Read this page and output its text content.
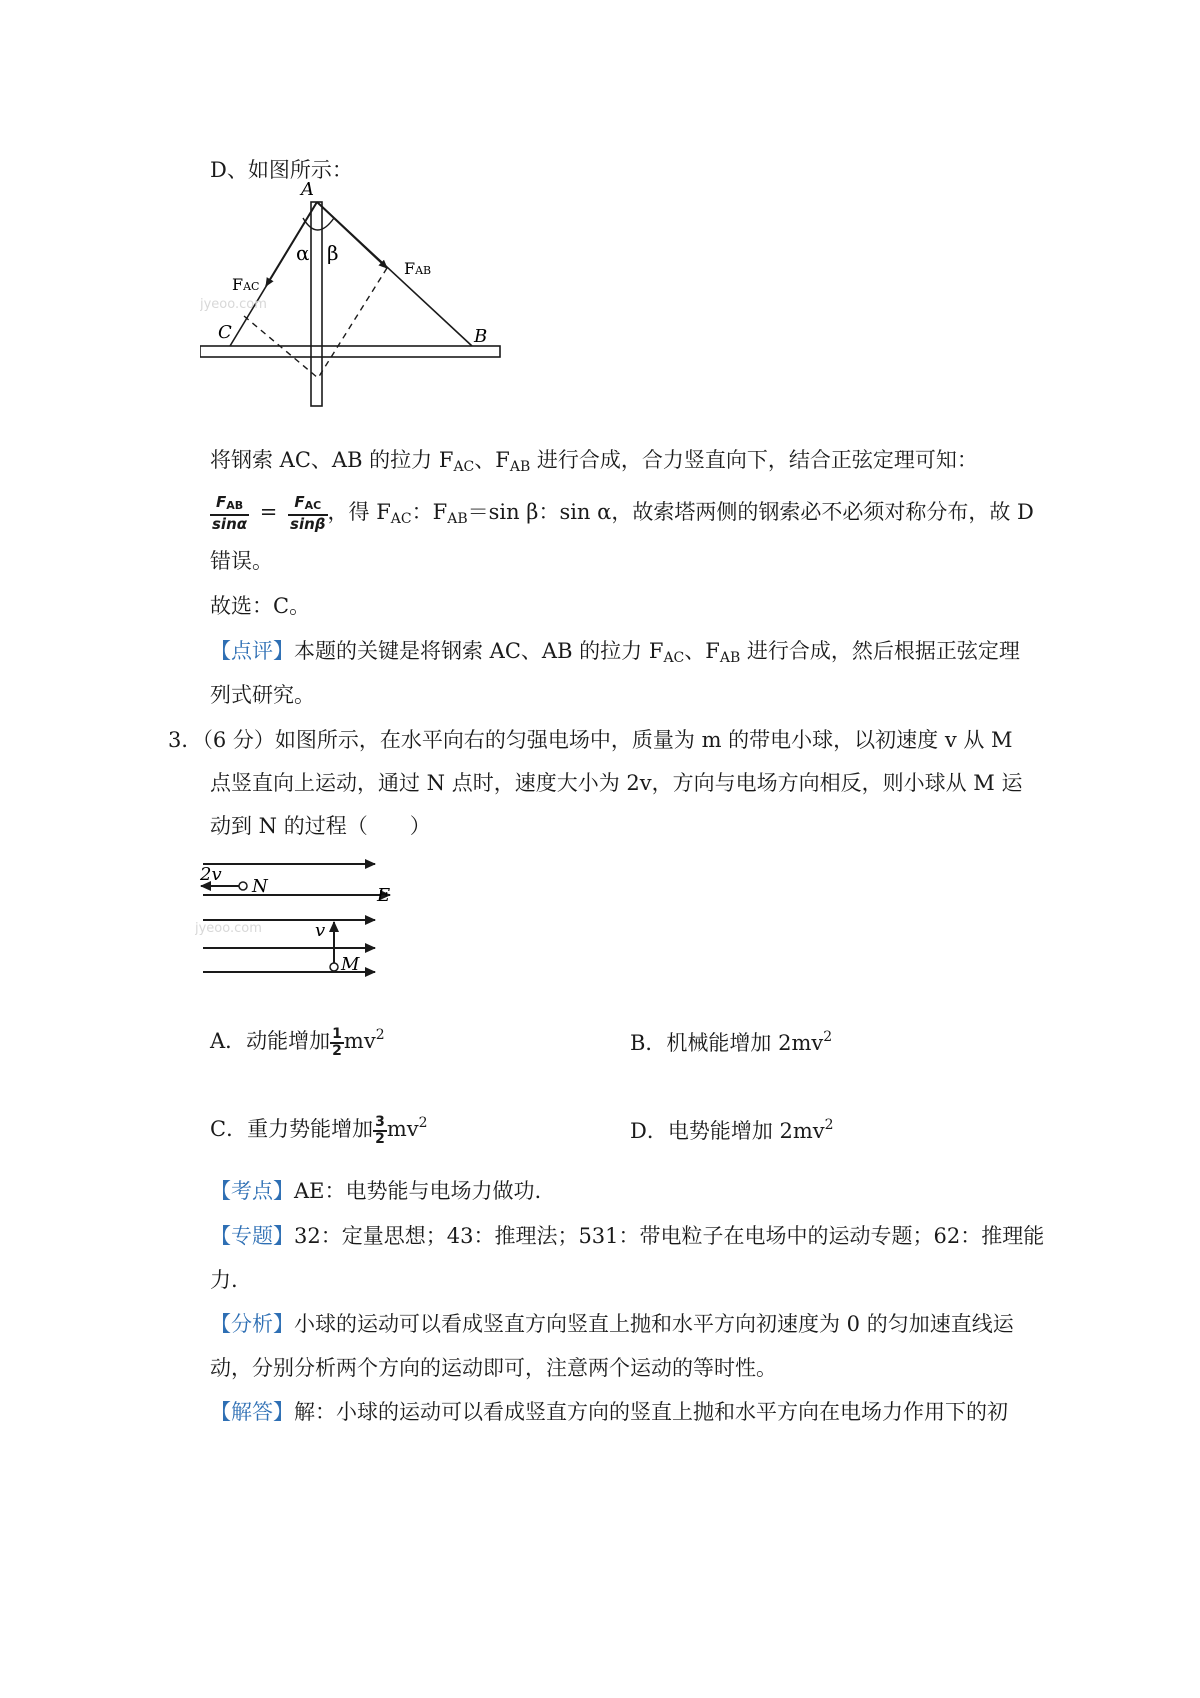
D、如图所示：
A
B
C
α β
FAC
FAB
jyeoo.com
将钢索 AC、AB 的拉力 $F_{AC}$、$F_{AB}$ 进行合成，合力竖直向下，结合正弦定理可知：
$\frac{F_{AB}}{\sin\alpha} = \frac{F_{AC}}{\sin\beta}$ ，得 $F_{AC}$：$F_{AB}=\sin$ β：sin α，故索塔两侧的钢索必不必须对称分布，故 D
错误。
故选：C。
【点评】本题的关键是将钢索 AC、AB 的拉力 $F_{AC}$、$F_{AB}$ 进行合成，然后根据正弦定理
列式研究。
3．（6 分）如图所示，在水平向右的匀强电场中，质量为 m 的带电小球，以初速度 v 从 M
点竖直向上运动，通过 N 点时，速度大小为 2v，方向与电场方向相反，则小球从 M 运
动到 N 的过程（　　）
2v
N	E
v
M
jyeoo.com
A．动能增加 $\frac{1}{2} mv^2$	B．机械能增加 $2mv^2$
C．重力势能增加 $\frac{3}{2} mv^2$	D．电势能增加 $2mv^2$
【考点】AE：电势能与电场力做功.
【专题】32：定量思想；43：推理法；531：带电粒子在电场中的运动专题；62：推理能
力.
【分析】小球的运动可以看成竖直方向竖直上抛和水平方向初速度为 0 的匀加速直线运
动，分别分析两个方向的运动即可，注意两个运动的等时性。
【解答】解：小球的运动可以看成竖直方向的竖直上抛和水平方向在电场力作用下的初
